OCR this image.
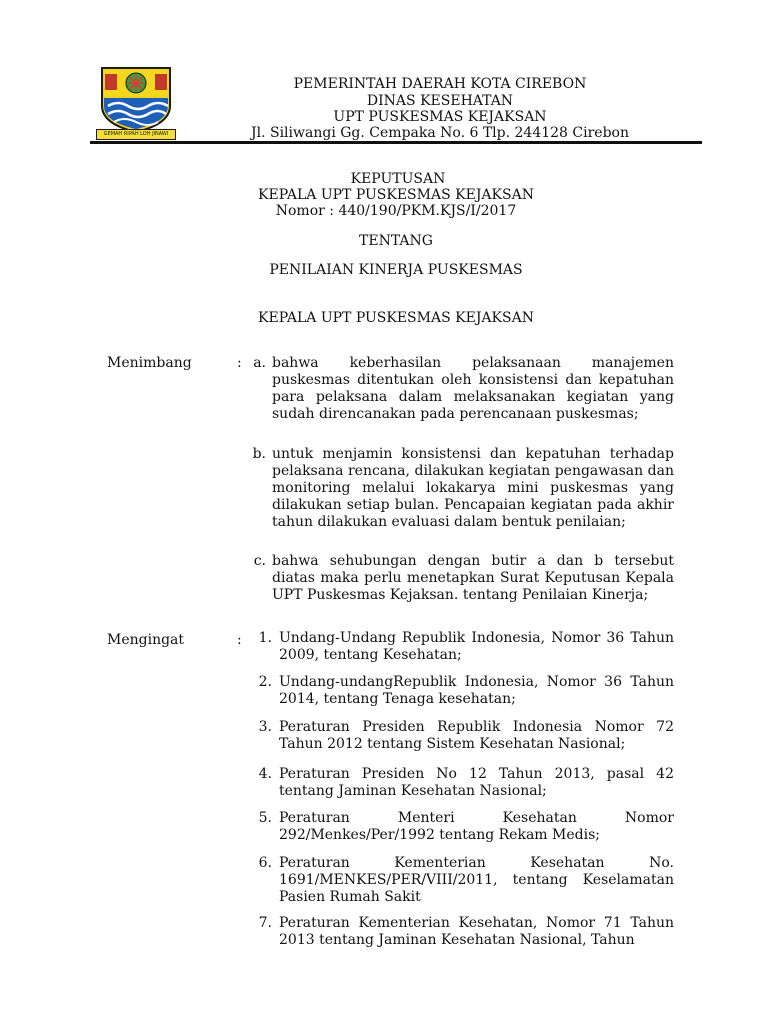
GEMAH RIPAH LOH JINAWI
PEMERINTAH DAERAH KOTA CIREBON
DINAS KESEHATAN
UPT PUSKESMAS KEJAKSAN
Jl. Siliwangi Gg. Cempaka No. 6 Tlp. 244128 Cirebon
KEPUTUSAN
KEPALA UPT PUSKESMAS KEJAKSAN
Nomor : 440/190/PKM.KJS/I/2017
TENTANG
PENILAIAN KINERJA PUSKESMAS
KEPALA UPT PUSKESMAS KEJAKSAN
Menimbang	: a. bahwa keberhasilan pelaksanaan manajemen puskesmas ditentukan oleh konsistensi dan kepatuhan para pelaksana dalam melaksanakan kegiatan yang sudah direncanakan pada perencanaan puskesmas;
b. untuk menjamin konsistensi dan kepatuhan terhadap pelaksana rencana, dilakukan kegiatan pengawasan dan monitoring melalui lokakarya mini puskesmas yang dilakukan setiap bulan. Pencapaian kegiatan pada akhir tahun dilakukan evaluasi dalam bentuk penilaian;
c. bahwa sehubungan dengan butir a dan b tersebut diatas maka perlu menetapkan Surat Keputusan Kepala UPT Puskesmas Kejaksan. tentang Penilaian Kinerja;
Mengingat	:	1. Undang-Undang Republik Indonesia, Nomor 36 Tahun 2009, tentang Kesehatan;
2. Undang-undangRepublik Indonesia, Nomor 36 Tahun 2014, tentang Tenaga kesehatan;
3. Peraturan Presiden Republik Indonesia Nomor 72 Tahun 2012 tentang Sistem Kesehatan Nasional;
4. Peraturan Presiden No 12 Tahun 2013, pasal 42 tentang Jaminan Kesehatan Nasional;
5. Peraturan Menteri Kesehatan Nomor 292/Menkes/Per/1992 tentang Rekam Medis;
6. Peraturan Kementerian Kesehatan No. 1691/MENKES/PER/VIII/2011, tentang Keselamatan Pasien Rumah Sakit
7. Peraturan Kementerian Kesehatan, Nomor 71 Tahun 2013 tentang Jaminan Kesehatan Nasional, Tahun
